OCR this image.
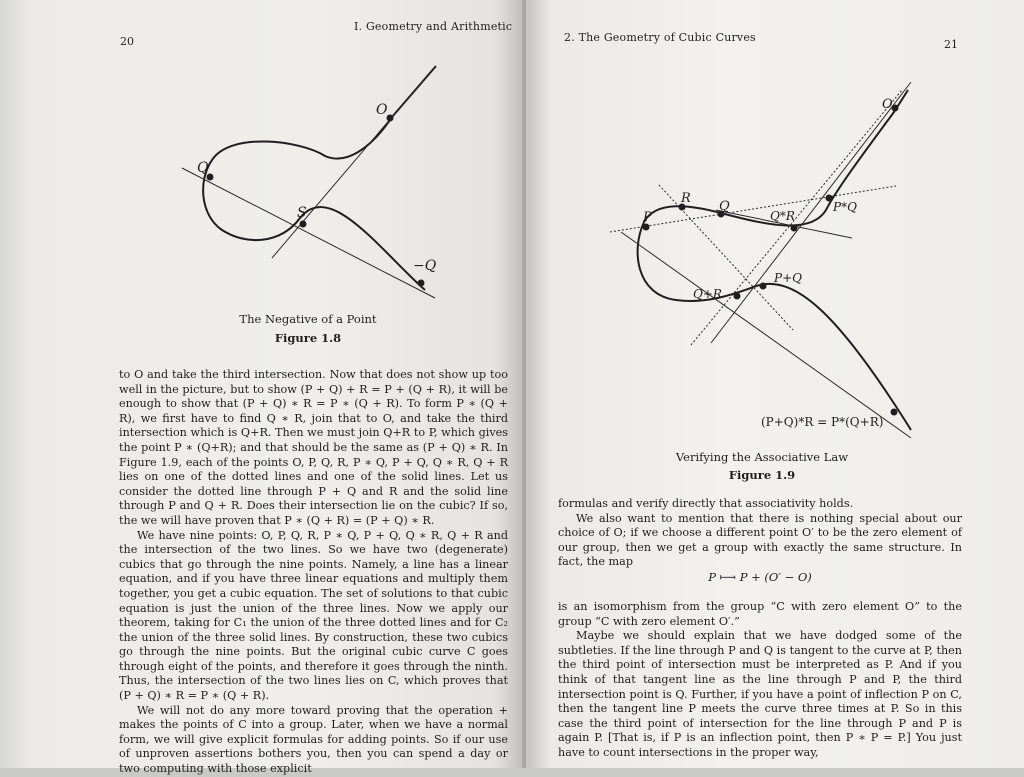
20
I. Geometry and Arithmetic
O
Q
S
−Q
The Negative of a Point
Figure 1.8

to O and take the third intersection. Now that does not show up too well in the picture, but to show (P + Q) + R = P + (Q + R), it will be enough to show that (P + Q) ∗ R = P ∗ (Q + R). To form P ∗ (Q + R), we first have to find Q ∗ R, join that to O, and take the third intersection which is Q+R. Then we must join Q+R to P, which gives the point P ∗ (Q+R); and that should be the same as (P + Q) ∗ R. In Figure 1.9, each of the points O, P, Q, R, P ∗ Q, P + Q, Q ∗ R, Q + R lies on one of the dotted lines and one of the solid lines. Let us consider the dotted line through P + Q and R and the solid line through P and Q + R. Does their intersection lie on the cubic? If so, the we will have proven that P ∗ (Q + R) = (P + Q) ∗ R.

We have nine points: O, P, Q, R, P ∗ Q, P + Q, Q ∗ R, Q + R and the intersection of the two lines. So we have two (degenerate) cubics that go through the nine points. Namely, a line has a linear equation, and if you have three linear equations and multiply them together, you get a cubic equation. The set of solutions to that cubic equation is just the union of the three lines. Now we apply our theorem, taking for C₁ the union of the three dotted lines and for C₂ the union of the three solid lines. By construction, these two cubics go through the nine points. But the original cubic curve C goes through eight of the points, and therefore it goes through the ninth. Thus, the intersection of the two lines lies on C, which proves that (P + Q) ∗ R = P ∗ (Q + R).

We will not do any more toward proving that the operation + makes the points of C into a group. Later, when we have a normal form, we will give explicit formulas for adding points. So if our use of unproven assertions bothers you, then you can spend a day or two computing with those explicit

2. The Geometry of Cubic Curves
21
O
R
Q
P	Q*R
P*Q
P+Q
Q+R
(P+Q)*R = P*(Q+R)
Verifying the Associative Law
Figure 1.9

formulas and verify directly that associativity holds.

We also want to mention that there is nothing special about our choice of O; if we choose a different point O′ to be the zero element of our group, then we get a group with exactly the same structure. In fact, the map

P ⟼ P + (O′ − O)

is an isomorphism from the group “C with zero element O” to the group “C with zero element O′.”

Maybe we should explain that we have dodged some of the subtleties. If the line through P and Q is tangent to the curve at P, then the third point of intersection must be interpreted as P. And if you think of that tangent line as the line through P and P, the third intersection point is Q. Further, if you have a point of inflection P on C, then the tangent line P meets the curve three times at P. So in this case the third point of intersection for the line through P and P is again P. [That is, if P is an inflection point, then P ∗ P = P.] You just have to count intersections in the proper way,
